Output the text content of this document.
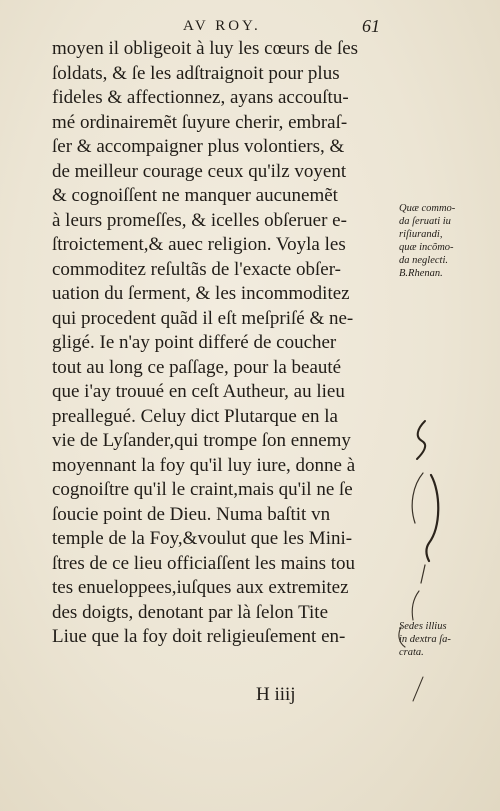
AV ROY.	61
moyen il obligeoit à luy les cœurs de ſes
ſoldats, & ſe les adſtraignoit pour plus
fideles & affectionnez, ayans accouſtu-
mé ordinairemẽt ſuyure cherir, embraſ-
ſer & accompaigner plus volontiers, &
de meilleur courage ceux qu'ilz voyent
& cognoiſſent ne manquer aucunemẽt
à leurs promeſſes, & icelles obſeruer e-
ſtroictement,& auec religion. Voyla les
commoditez reſultãs de l'exacte obſer-
uation du ſerment, & les incommoditez
qui procedent quãd il eſt meſpriſé & ne-
gligé. Ie n'ay point differé de coucher
tout au long ce paſſage, pour la beauté
que i'ay trouué en ceſt Autheur, au lieu
preallegué. Celuy dict Plutarque en la
vie de Lyſander,qui trompe ſon ennemy
moyennant la foy qu'il luy iure, donne à
cognoiſtre qu'il le craint,mais qu'il ne ſe
ſoucie point de Dieu. Numa baſtit vn
temple de la Foy,&voulut que les Mini-
ſtres de ce lieu officiaſſent les mains tou
tes enueloppees,iuſques aux extremitez
des doigts, denotant par là ſelon Tite
Liue que la foy doit religieuſement en-
Quæ commo-
da ſeruati iu
riſiurandi,
quæ incõmo-
da neglecti.
B.Rhenan.
Sedes illius
in dextra ſa-
crata.
H iiij
